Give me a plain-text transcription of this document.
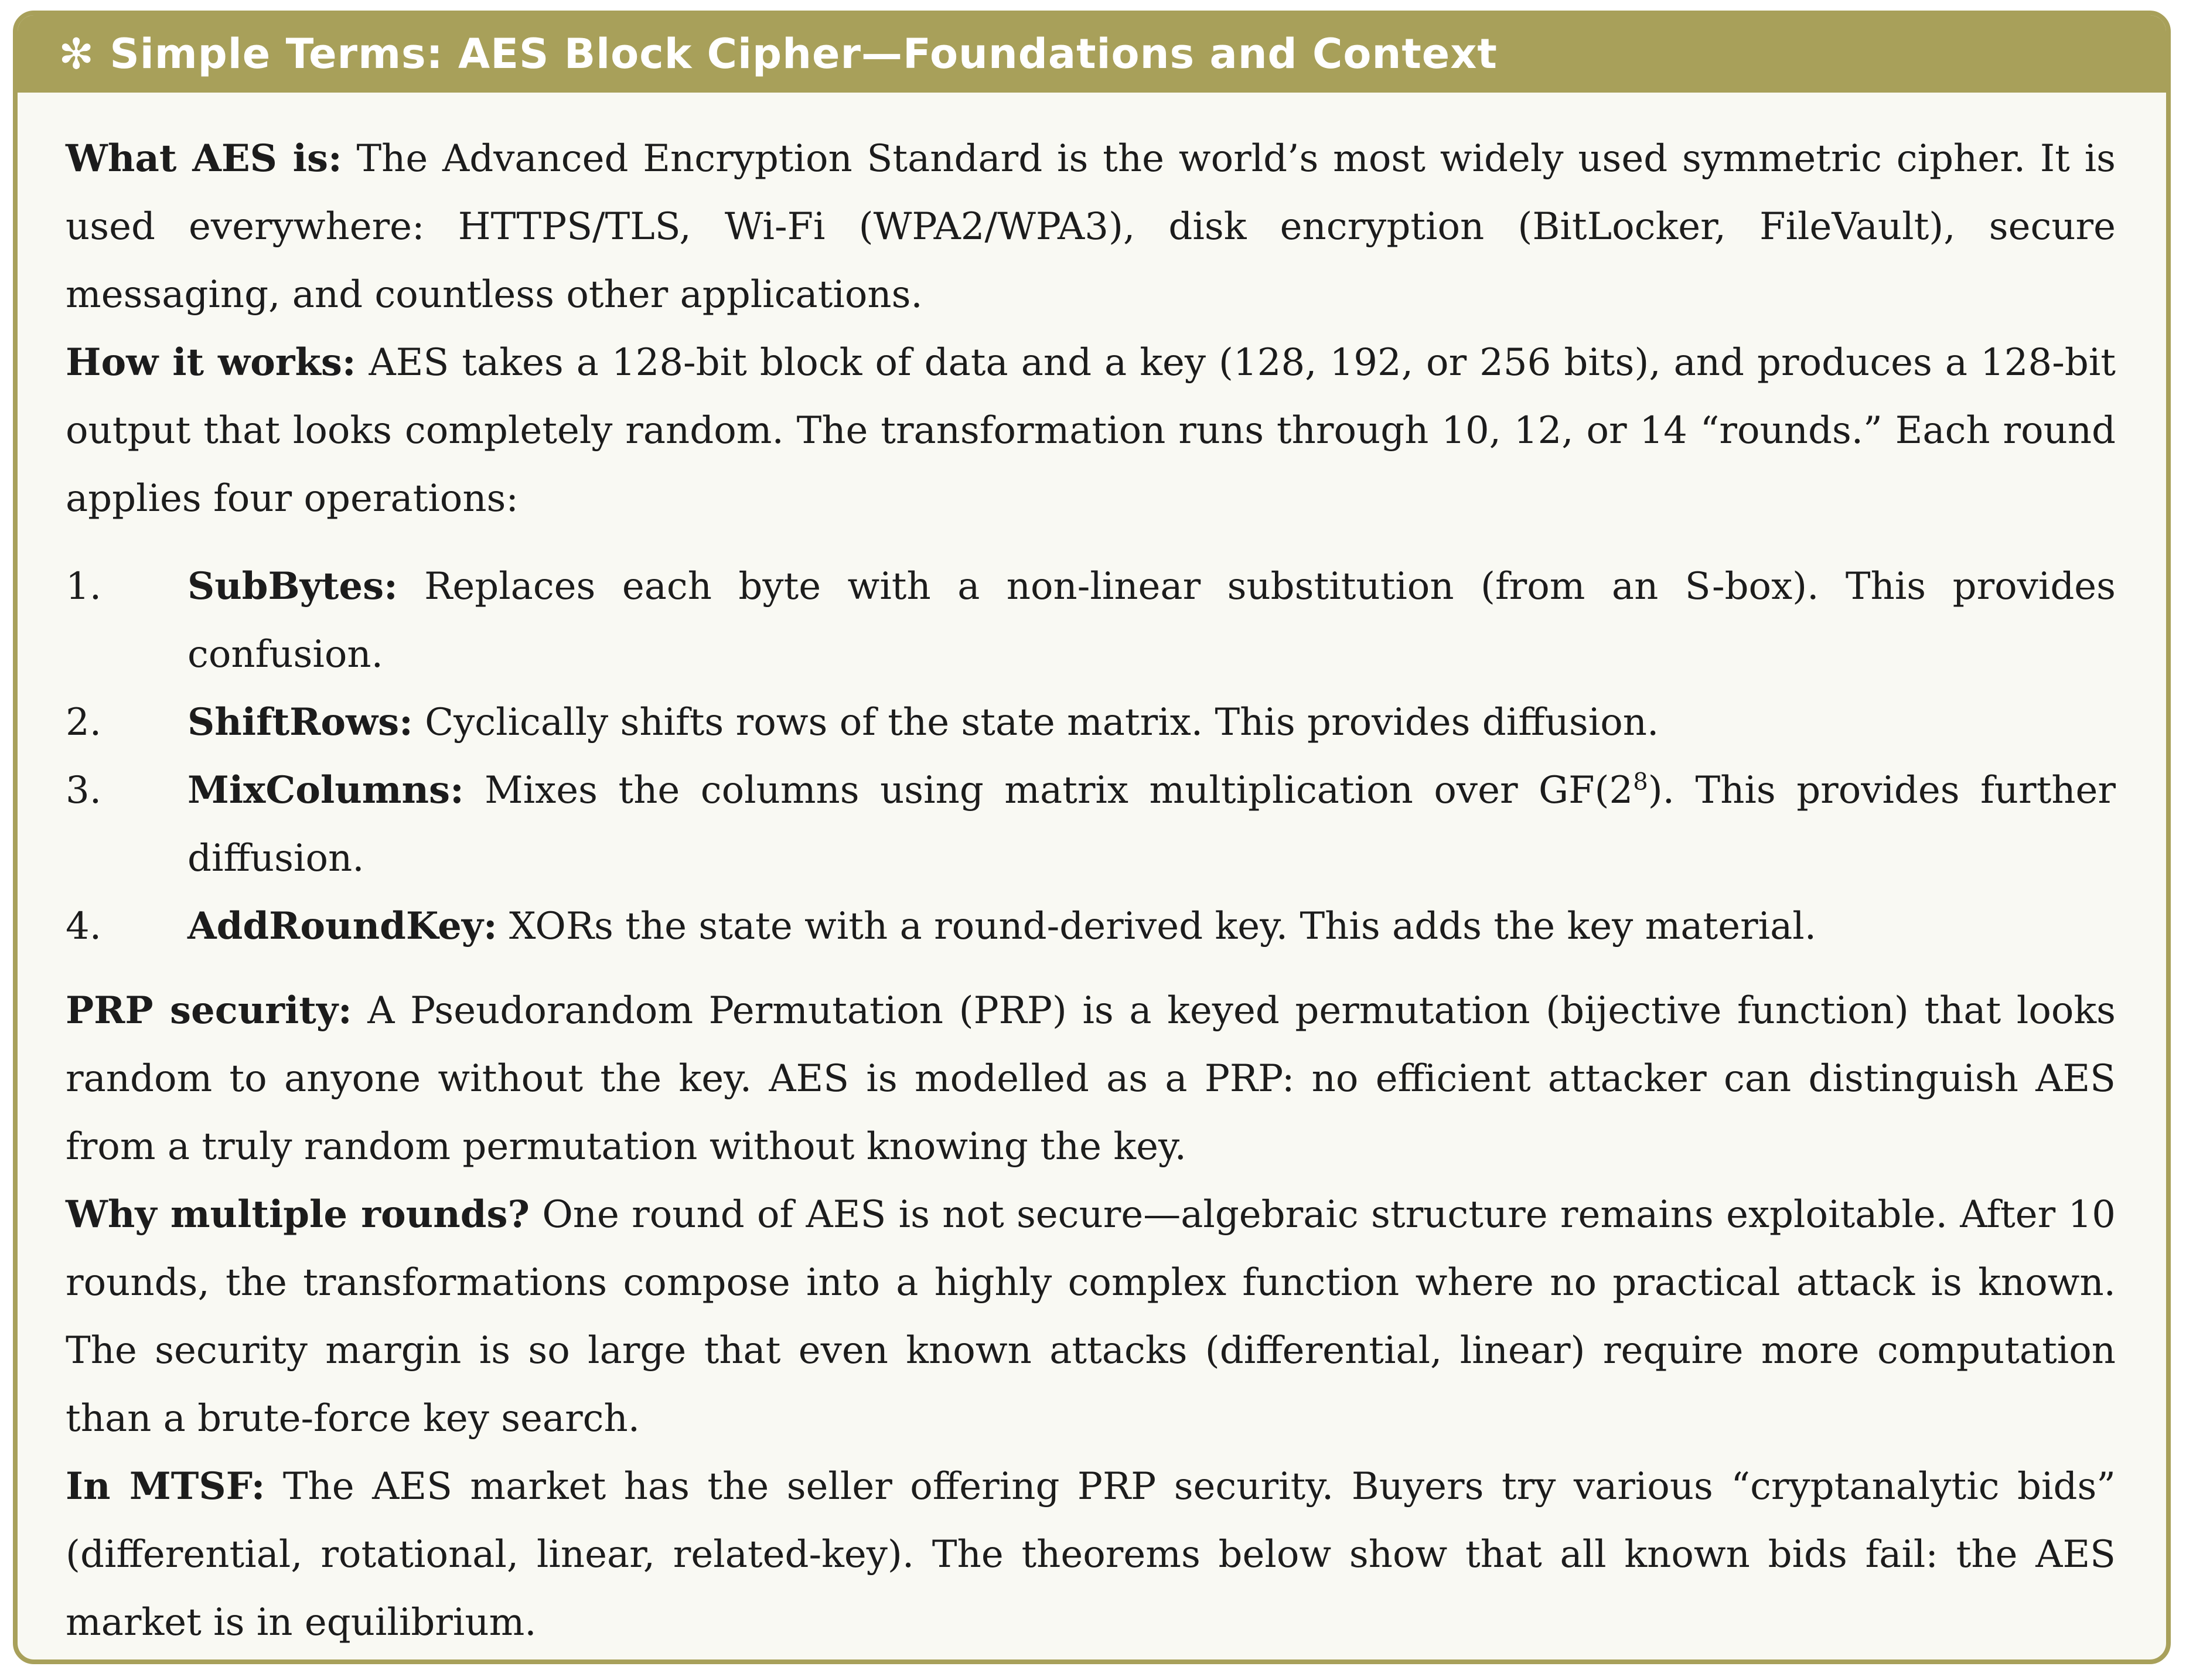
✻ Simple Terms: AES Block Cipher—Foundations and Context

What AES is: The Advanced Encryption Standard is the world’s most widely used symmetric cipher. It is used everywhere: HTTPS/TLS, Wi-Fi (WPA2/WPA3), disk encryption (BitLocker, FileVault), secure messaging, and countless other applications.

How it works: AES takes a 128-bit block of data and a key (128, 192, or 256 bits), and produces a 128-bit output that looks completely random. The transformation runs through 10, 12, or 14 “rounds.” Each round applies four operations:

1. SubBytes: Replaces each byte with a non-linear substitution (from an S-box). This provides confusion.
2. ShiftRows: Cyclically shifts rows of the state matrix. This provides diffusion.
3. MixColumns: Mixes the columns using matrix multiplication over $GF(2^8)$. This provides further diffusion.
4. AddRoundKey: XORs the state with a round-derived key. This adds the key material.

PRP security: A Pseudorandom Permutation (PRP) is a keyed permutation (bijective function) that looks random to anyone without the key. AES is modelled as a PRP: no efficient attacker can distinguish AES from a truly random permutation without knowing the key.

Why multiple rounds? One round of AES is not secure—algebraic structure remains exploitable. After 10 rounds, the transformations compose into a highly complex function where no practical attack is known. The security margin is so large that even known attacks (differential, linear) require more computation than a brute-force key search.

In MTSF: The AES market has the seller offering PRP security. Buyers try various “cryptanalytic bids” (differential, rotational, linear, related-key). The theorems below show that all known bids fail: the AES market is in equilibrium.
